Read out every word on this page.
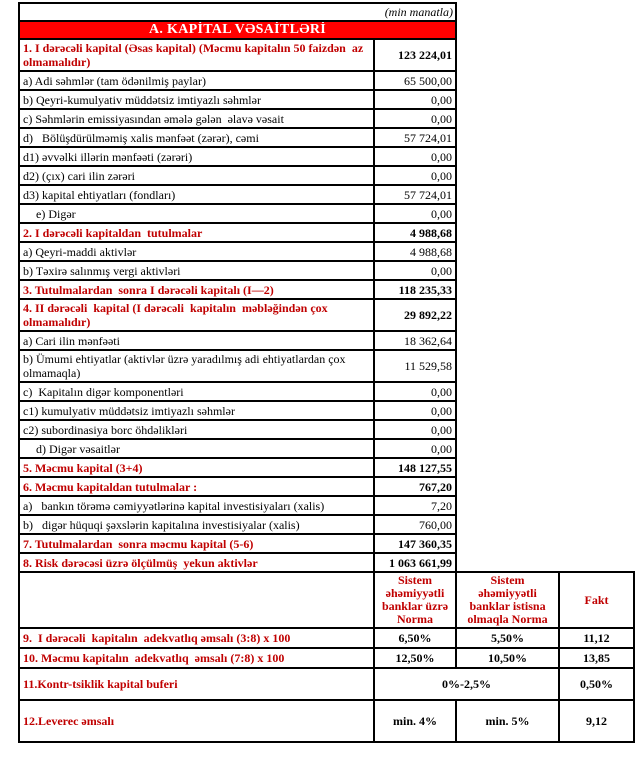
(min manatla)			
A. KAPİTAL VƏSAİTLƏRİ			
1. I dərəcəli kapital (Əsas kapital) (Məcmu kapitalın 50 faizdən  az olmamalıdır)	123 224,01		
a) Adi səhmlər (tam ödənilmiş paylar)	65 500,00		
b) Qeyri-kumulyativ müddətsiz imtiyazlı səhmlər	0,00		
c) Səhmlərin emissiyasından əmələ gələn  əlavə vəsait	0,00		
d)   Bölüşdürülməmiş xalis mənfəət (zərər), cəmi	57 724,01		
d1) əvvəlki illərin mənfəəti (zərəri)	0,00		
d2) (çıx) cari ilin zərəri	0,00		
d3) kapital ehtiyatları (fondları)	57 724,01		
e) Digər	0,00		
2. I dərəcəli kapitaldan  tutulmalar	4 988,68		
a) Qeyri-maddi aktivlər	4 988,68		
b) Təxirə salınmış vergi aktivləri	0,00		
3. Tutulmalardan  sonra I dərəcəli kapitalı (I—2)	118 235,33		
4. II dərəcəli  kapital (I dərəcəli  kapitalın  məbləğindən çox olmamalıdır)	29 892,22		
a) Cari ilin mənfəəti	18 362,64		
b) Ümumi ehtiyatlar (aktivlər üzrə yaradılmış adi ehtiyatlardan çox olmamaqla)	11 529,58		
c)  Kapitalın digər komponentləri	0,00		
c1) kumulyativ müddətsiz imtiyazlı səhmlər	0,00		
c2) subordinasiya borc öhdəlikləri	0,00		
d) Digər vəsaitlər	0,00		
5. Məcmu kapital (3+4)	148 127,55		
6. Məcmu kapitaldan tutulmalar :	767,20		
a)   bankın törəmə cəmiyyətlərinə kapital investisiyaları (xalis)	7,20		
b)   digər hüquqi şəxslərin kapitalına investisiyalar (xalis)	760,00		
7. Tutulmalardan  sonra məcmu kapital (5-6)	147 360,35		
8. Risk dərəcəsi üzrə ölçülmüş  yekun aktivlər	1 063 661,99		
	Sistem əhəmiyyətli banklar üzrə Norma	Sistem əhəmiyyətli banklar istisna olmaqla Norma	Fakt
9.  I dərəcəli  kapitalın  adekvatlıq əmsalı (3:8) x 100	6,50%	5,50%	11,12
10. Məcmu kapitalın  adekvatlıq  əmsalı (7:8) x 100	12,50%	10,50%	13,85
11.Kontr-tsiklik kapital buferi	0%-2,5%		0,50%
12.Leverec əmsalı	min. 4%	min. 5%	9,12
